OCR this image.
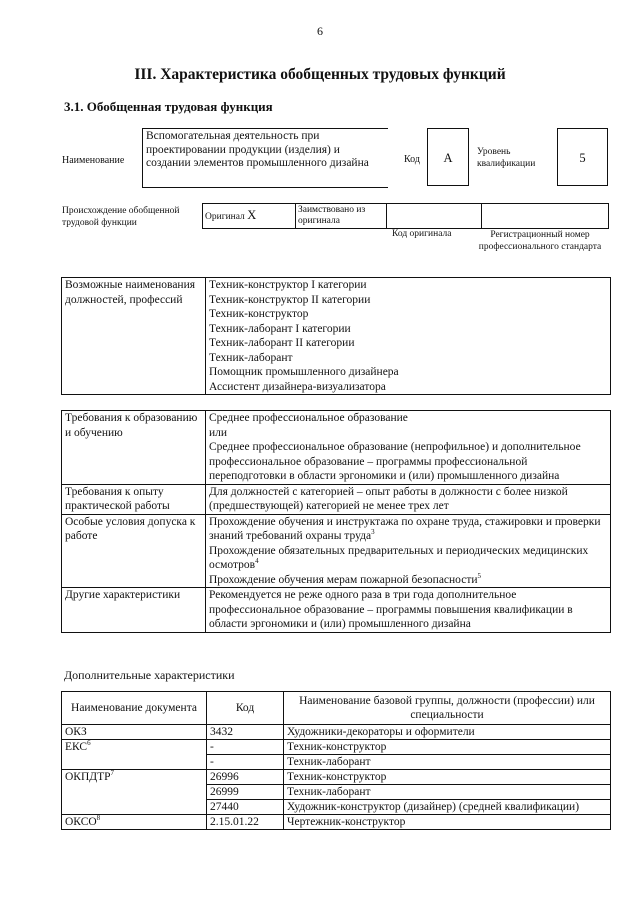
6
III. Характеристика обобщенных трудовых функций
3.1. Обобщенная трудовая функция
Наименование
Вспомогательная деятельность при проектировании продукции (изделия) и создании элементов промышленного дизайна	Код	A	Уровень квалификации	5
Происхождение обобщенной трудовой функции
Оригинал X	Заимствовано из оригинала		
Код оригинала	Регистрационный номер профессионального стандарта
Возможные наименования должностей, профессий	
Техник-конструктор I категории
Техник-конструктор II категории
Техник-конструктор
Техник-лаборант I категории
Техник-лаборант II категории
Техник-лаборант
Помощник промышленного дизайнера
Ассистент дизайнера-визуализатора
Требования к образованию и обучению	Среднее профессиональное образование
или
Среднее профессиональное образование (непрофильное) и дополнительное профессиональное образование – программы профессиональной переподготовки в области эргономики и (или) промышленного дизайна

Требования к опыту практической работы	Для должностей с категорией – опыт работы в должности с более низкой (предшествующей) категорией не менее трех лет
Особые условия допуска к работе	Прохождение обучения и инструктажа по охране труда, стажировки и проверки знаний требований охраны труда$^3$
Прохождение обязательных предварительных и периодических медицинских осмотров$^4$
Прохождение обучения мерам пожарной безопасности$^5$

Другие характеристики	Рекомендуется не реже одного раза в три года дополнительное профессиональное образование – программы повышения квалификации в области эргономики и (или) промышленного дизайна
Дополнительные характеристики
Наименование документа	Код	Наименование базовой группы, должности (профессии) или специальности
ОКЗ	3432	Художники-декораторы и оформители
ЕКС$^6$	-	Техник-конструктор
	-	Техник-лаборант
ОКПДТР$^7$	26996	Техник-конструктор
	26999	Техник-лаборант
	27440	Художник-конструктор (дизайнер) (средней квалификации)
ОКСО$^8$	2.15.01.22	Чертежник-конструктор
